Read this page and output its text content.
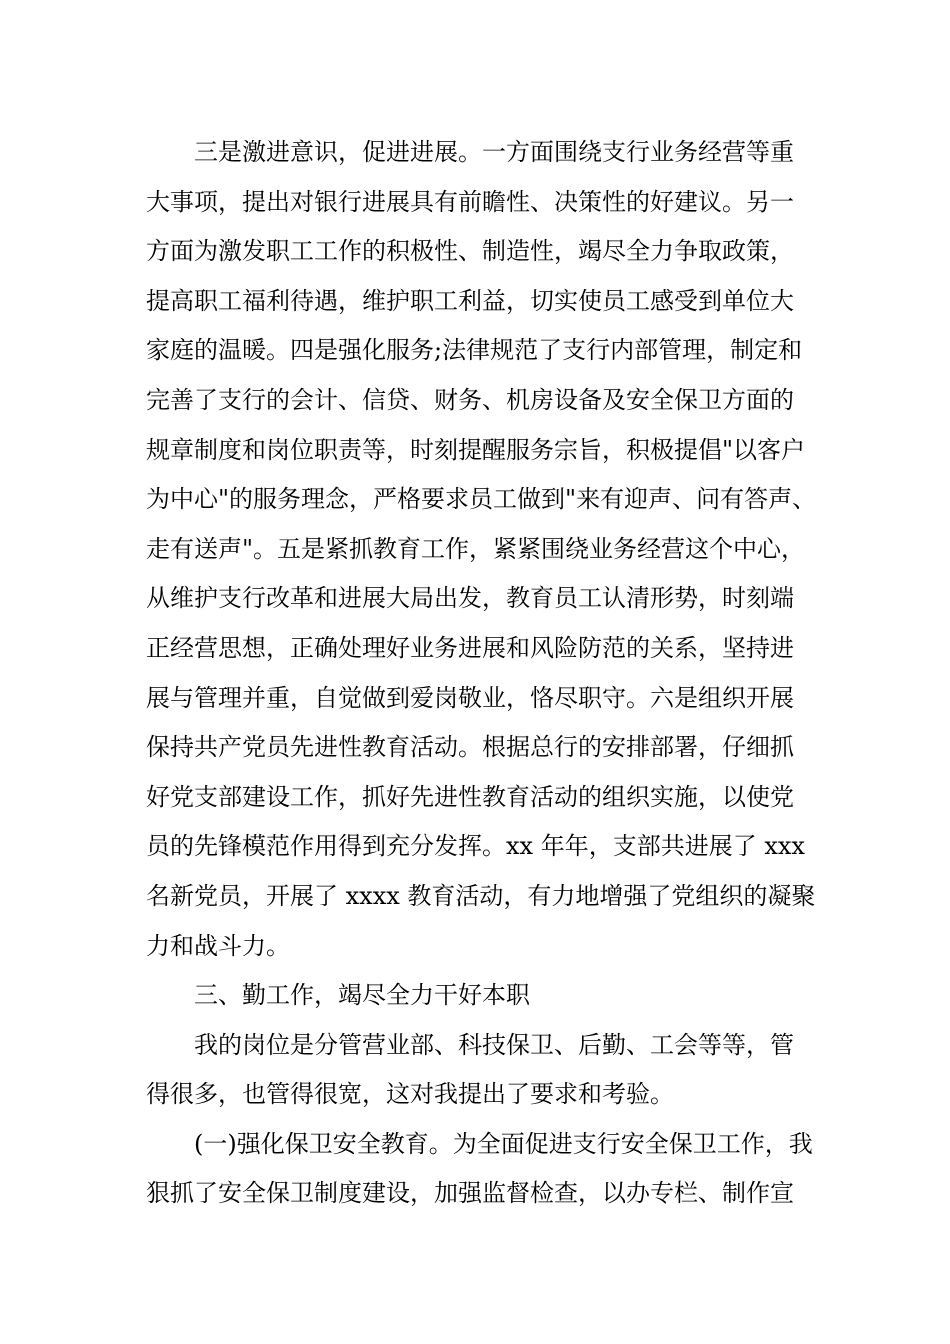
三是激进意识，促进进展。一方面围绕支行业务经营等重
大事项，提出对银行进展具有前瞻性、决策性的好建议。另一
方面为激发职工工作的积极性、制造性，竭尽全力争取政策，
提高职工福利待遇，维护职工利益，切实使员工感受到单位大
家庭的温暖。四是强化服务;法律规范了支行内部管理，制定和
完善了支行的会计、信贷、财务、机房设备及安全保卫方面的
规章制度和岗位职责等，时刻提醒服务宗旨，积极提倡"以客户
为中心"的服务理念，严格要求员工做到"来有迎声、问有答声、
走有送声"。五是紧抓教育工作，紧紧围绕业务经营这个中心，
从维护支行改革和进展大局出发，教育员工认清形势，时刻端
正经营思想，正确处理好业务进展和风险防范的关系，坚持进
展与管理并重，自觉做到爱岗敬业，恪尽职守。六是组织开展
保持共产党员先进性教育活动。根据总行的安排部署，仔细抓
好党支部建设工作，抓好先进性教育活动的组织实施，以使党
员的先锋模范作用得到充分发挥。xx 年年，支部共进展了 xxx
名新党员，开展了 xxxx 教育活动，有力地增强了党组织的凝聚
力和战斗力。
三、勤工作，竭尽全力干好本职
我的岗位是分管营业部、科技保卫、后勤、工会等等，管
得很多，也管得很宽，这对我提出了要求和考验。
(一)强化保卫安全教育。为全面促进支行安全保卫工作，我
狠抓了安全保卫制度建设，加强监督检查，以办专栏、制作宣
